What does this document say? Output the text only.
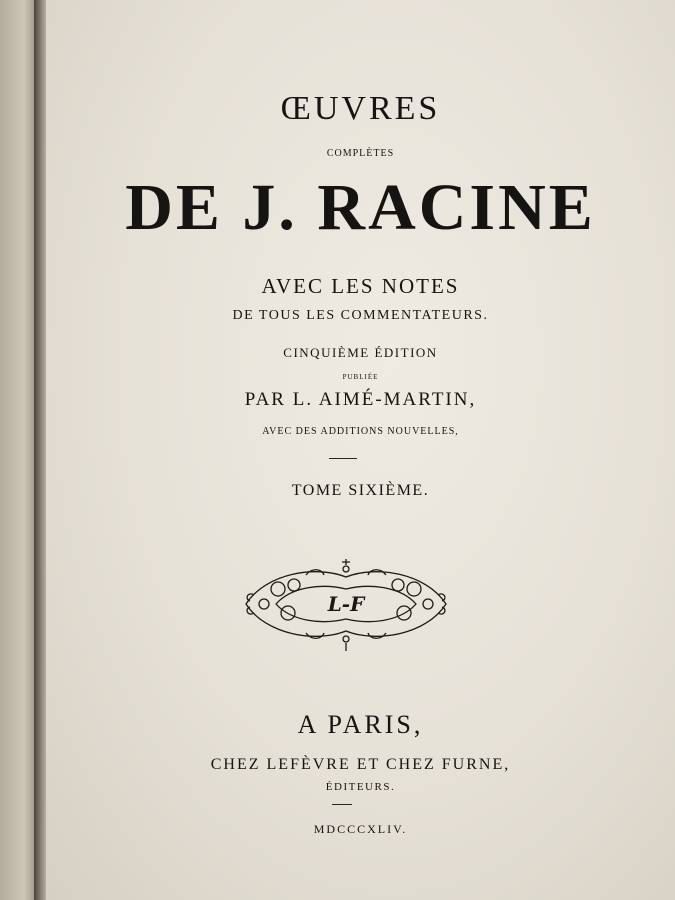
ŒUVRES

COMPLÈTES

DE J. RACINE

AVEC LES NOTES

DE TOUS LES COMMENTATEURS.

CINQUIÈME ÉDITION

PUBLIÉE

PAR L. AIMÉ-MARTIN,

AVEC DES ADDITIONS NOUVELLES,

TOME SIXIÈME.

L-F

A PARIS,

CHEZ LEFÈVRE ET CHEZ FURNE,

ÉDITEURS.

MDCCCXLIV.
